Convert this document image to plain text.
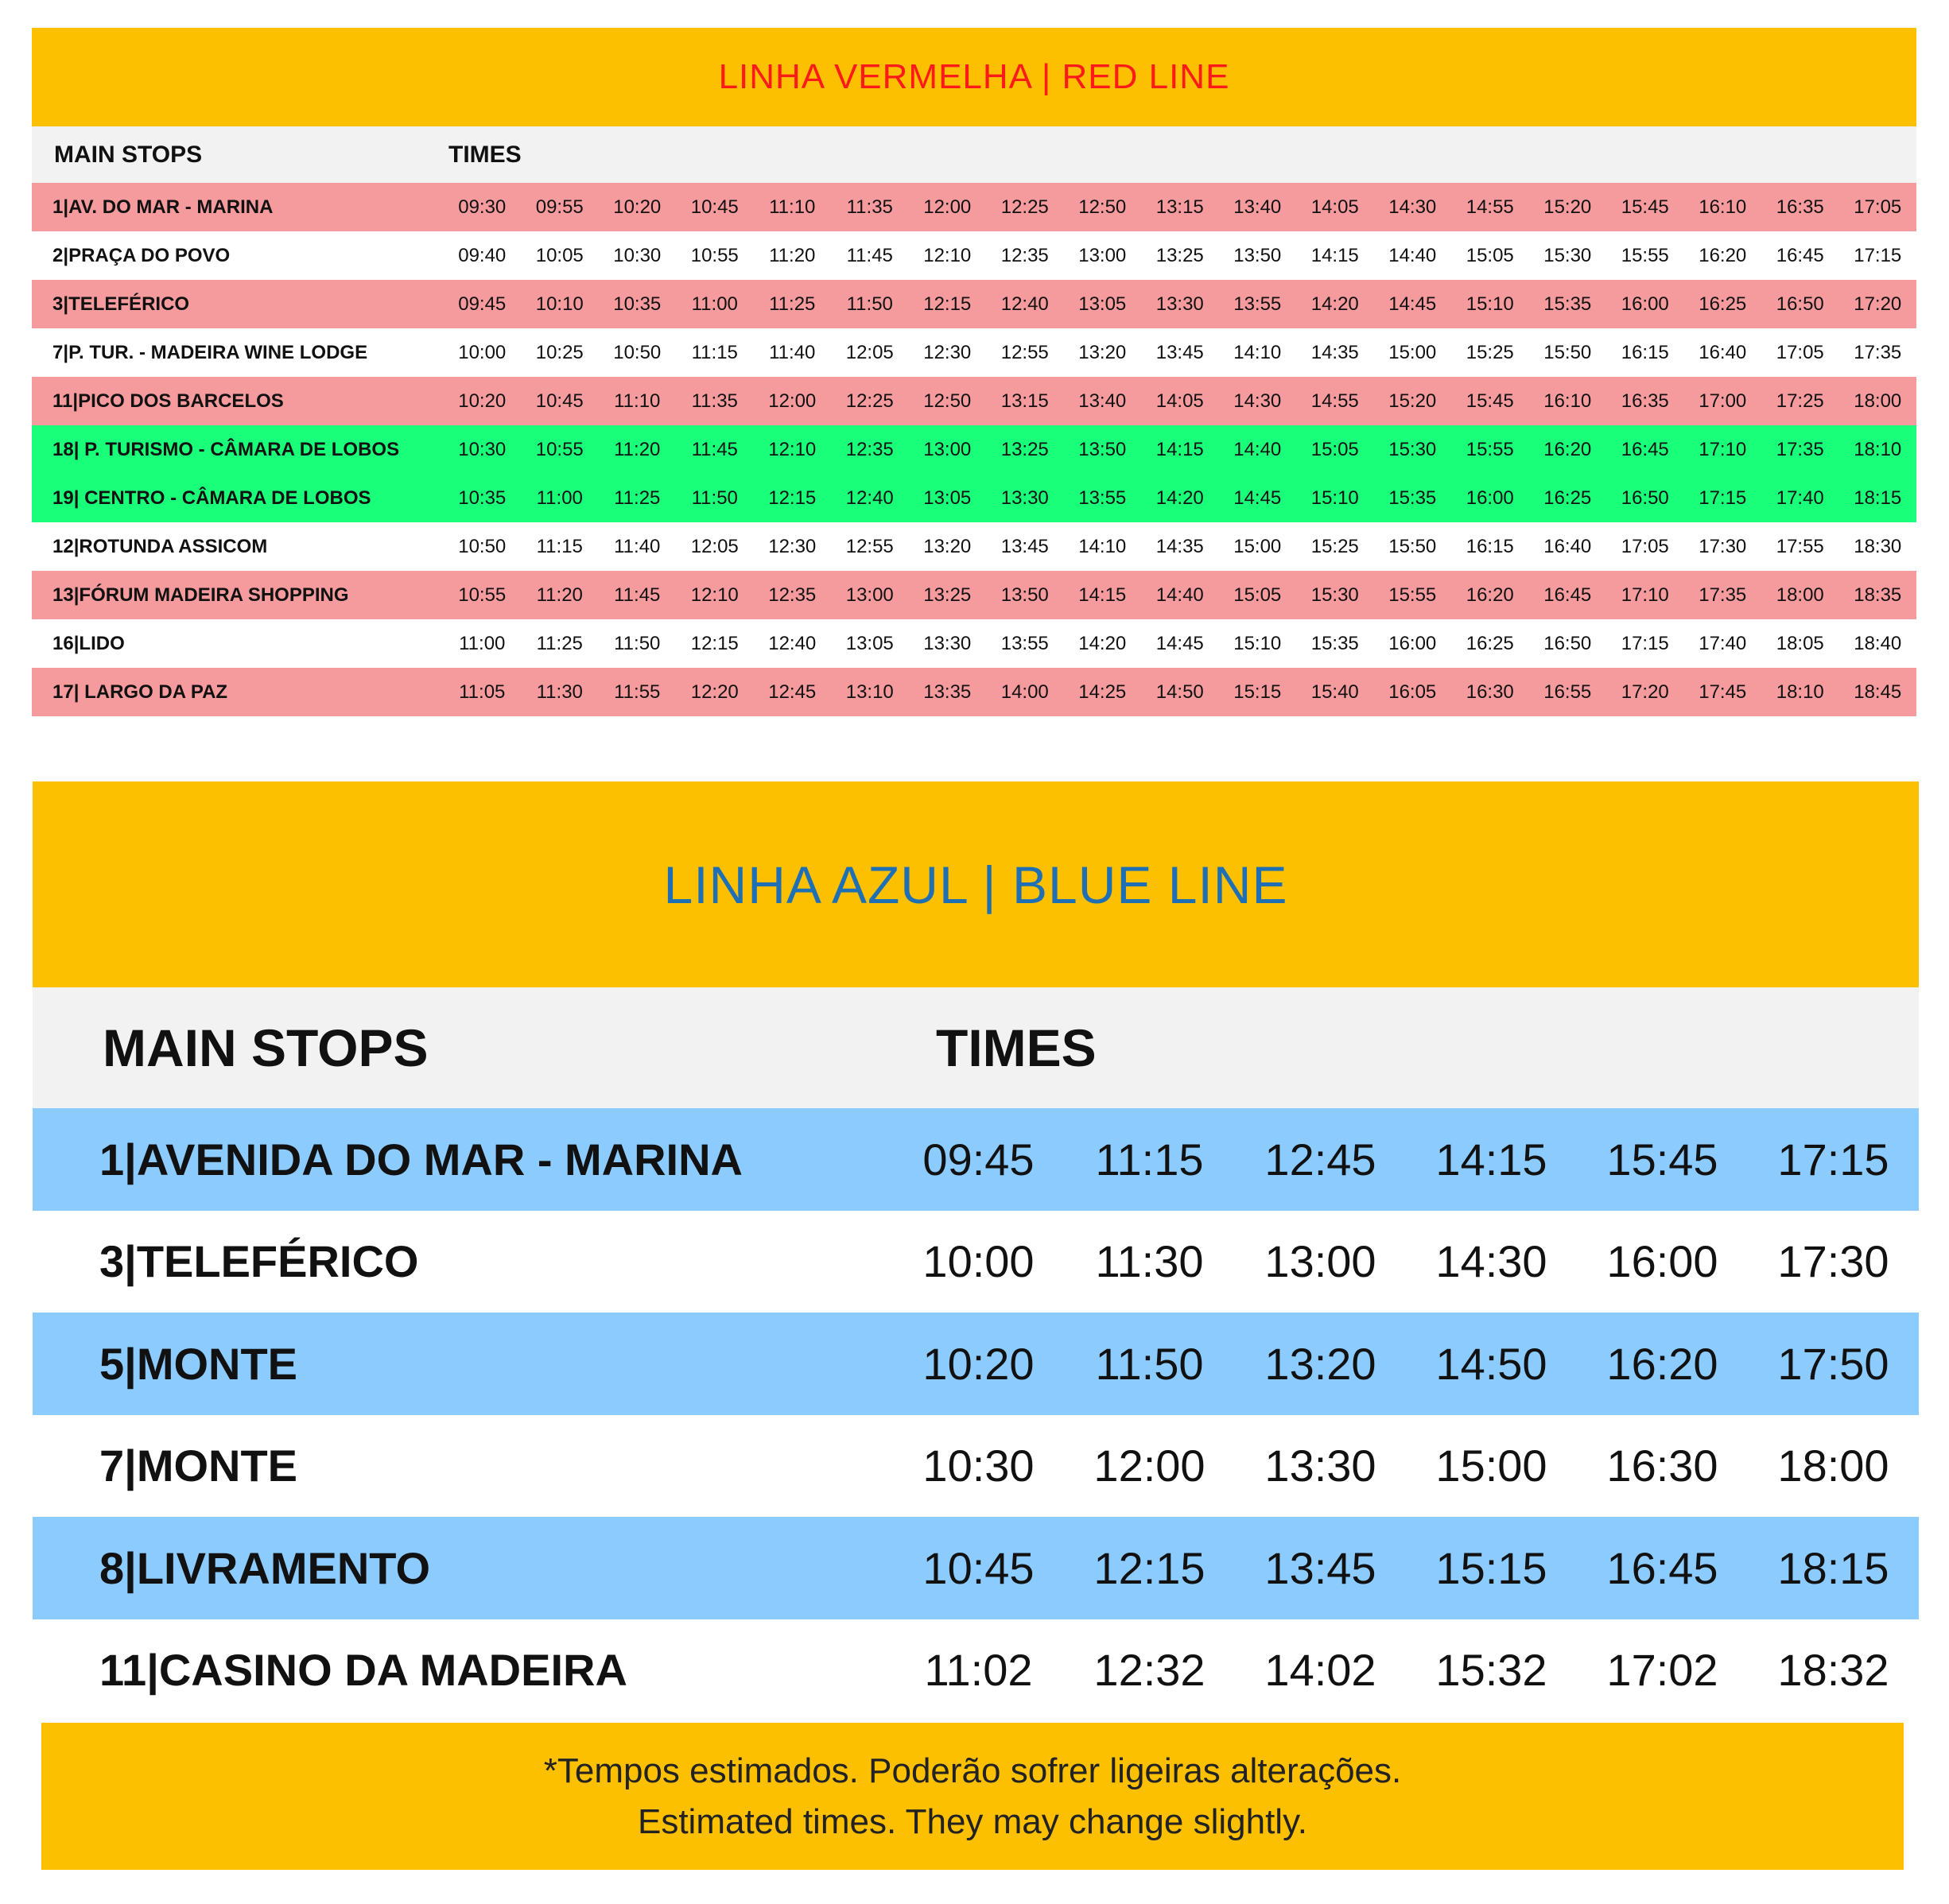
LINHA VERMELHA | RED LINE
MAIN STOPS	TIMES
1|AV. DO MAR - MARINA	09:30	09:55	10:20	10:45	11:10	11:35	12:00	12:25	12:50	13:15	13:40	14:05	14:30	14:55	15:20	15:45	16:10	16:35	17:05
2|PRAÇA DO POVO	09:40	10:05	10:30	10:55	11:20	11:45	12:10	12:35	13:00	13:25	13:50	14:15	14:40	15:05	15:30	15:55	16:20	16:45	17:15
3|TELEFÉRICO	09:45	10:10	10:35	11:00	11:25	11:50	12:15	12:40	13:05	13:30	13:55	14:20	14:45	15:10	15:35	16:00	16:25	16:50	17:20
7|P. TUR. - MADEIRA WINE LODGE	10:00	10:25	10:50	11:15	11:40	12:05	12:30	12:55	13:20	13:45	14:10	14:35	15:00	15:25	15:50	16:15	16:40	17:05	17:35
11|PICO DOS BARCELOS	10:20	10:45	11:10	11:35	12:00	12:25	12:50	13:15	13:40	14:05	14:30	14:55	15:20	15:45	16:10	16:35	17:00	17:25	18:00
18| P. TURISMO - CÂMARA DE LOBOS	10:30	10:55	11:20	11:45	12:10	12:35	13:00	13:25	13:50	14:15	14:40	15:05	15:30	15:55	16:20	16:45	17:10	17:35	18:10
19| CENTRO - CÂMARA DE LOBOS	10:35	11:00	11:25	11:50	12:15	12:40	13:05	13:30	13:55	14:20	14:45	15:10	15:35	16:00	16:25	16:50	17:15	17:40	18:15
12|ROTUNDA ASSICOM	10:50	11:15	11:40	12:05	12:30	12:55	13:20	13:45	14:10	14:35	15:00	15:25	15:50	16:15	16:40	17:05	17:30	17:55	18:30
13|FÓRUM MADEIRA SHOPPING	10:55	11:20	11:45	12:10	12:35	13:00	13:25	13:50	14:15	14:40	15:05	15:30	15:55	16:20	16:45	17:10	17:35	18:00	18:35
16|LIDO	11:00	11:25	11:50	12:15	12:40	13:05	13:30	13:55	14:20	14:45	15:10	15:35	16:00	16:25	16:50	17:15	17:40	18:05	18:40
17| LARGO DA PAZ	11:05	11:30	11:55	12:20	12:45	13:10	13:35	14:00	14:25	14:50	15:15	15:40	16:05	16:30	16:55	17:20	17:45	18:10	18:45
LINHA AZUL | BLUE LINE
MAIN STOPS	TIMES
1|AVENIDA DO MAR - MARINA	09:45	11:15	12:45	14:15	15:45	17:15
3|TELEFÉRICO	10:00	11:30	13:00	14:30	16:00	17:30
5|MONTE	10:20	11:50	13:20	14:50	16:20	17:50
7|MONTE	10:30	12:00	13:30	15:00	16:30	18:00
8|LIVRAMENTO	10:45	12:15	13:45	15:15	16:45	18:15
11|CASINO DA MADEIRA	11:02	12:32	14:02	15:32	17:02	18:32
*Tempos estimados. Poderão sofrer ligeiras alterações.
Estimated times. They may change slightly.
